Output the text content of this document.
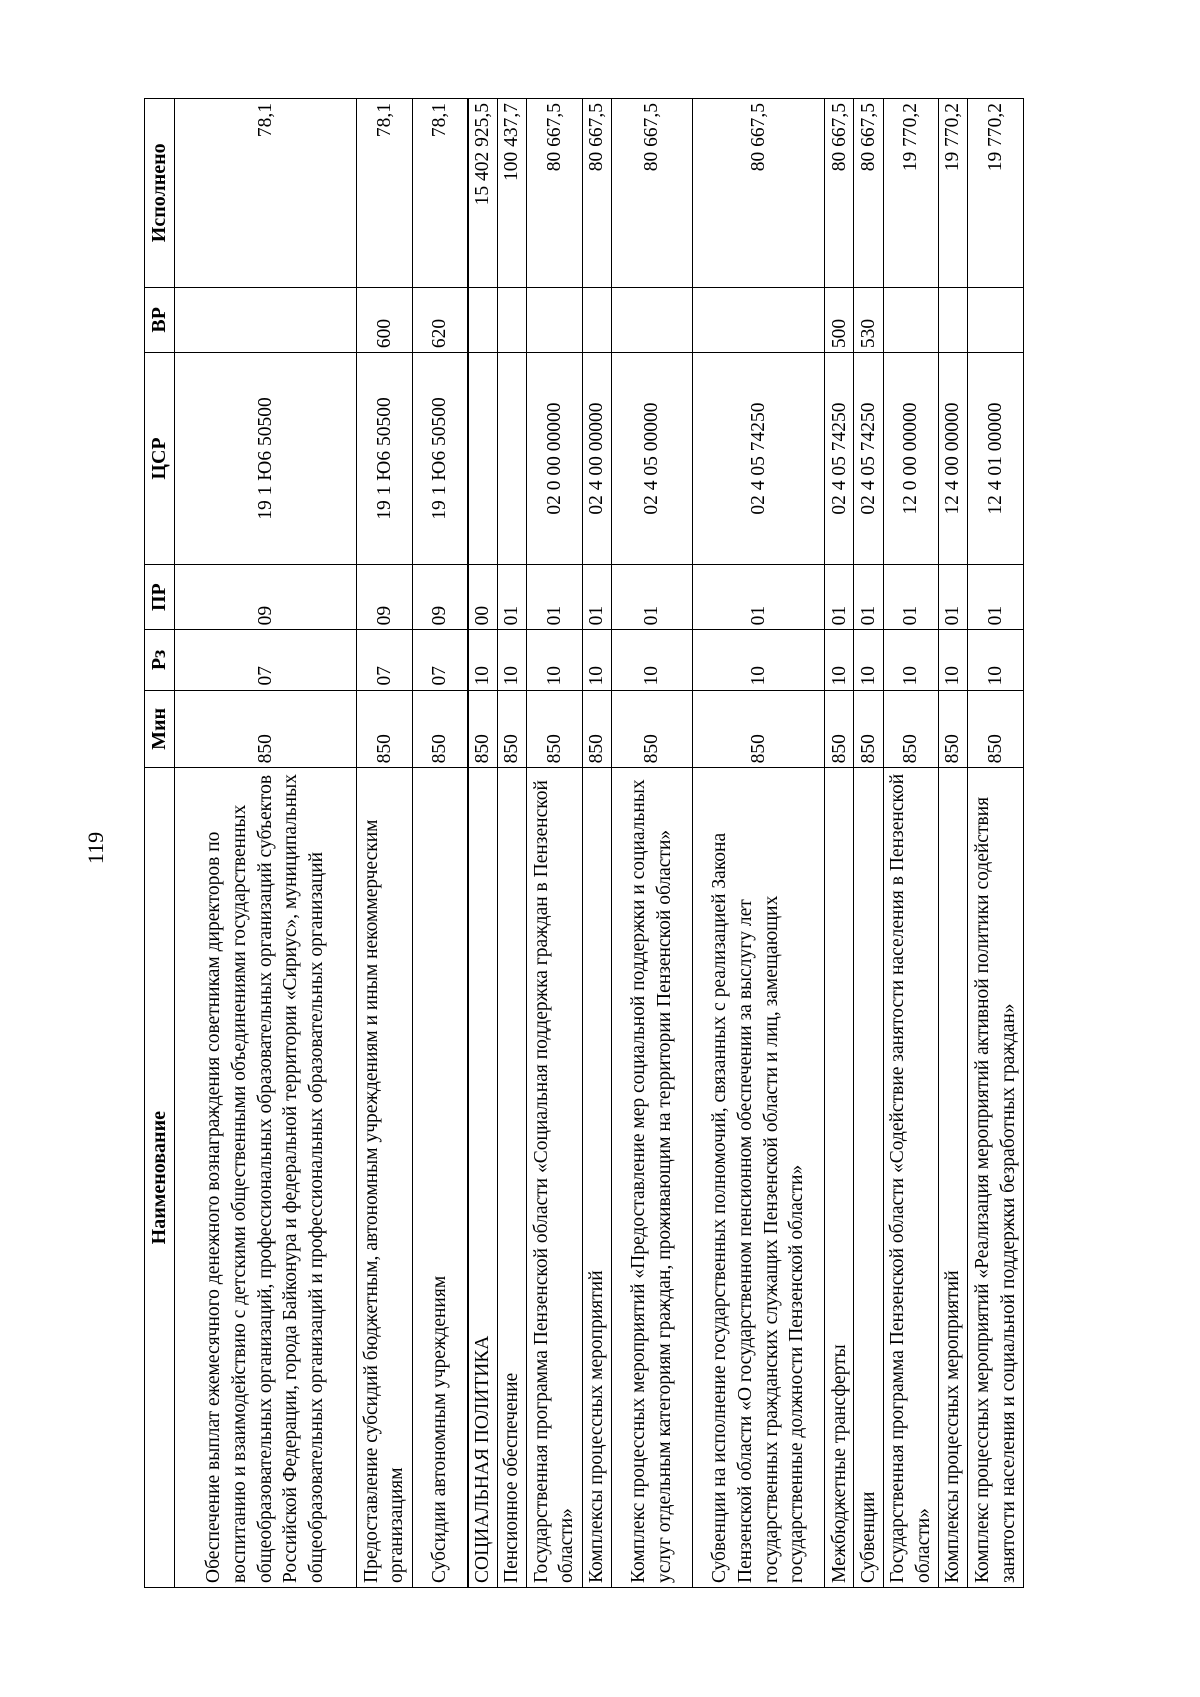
119
Наименование	Мин	Рз	ПР	ЦСР	ВР	Исполнено
Обеспечение выплат ежемесячного денежного вознаграждения советникам директоров по воспитанию и взаимодействию с детскими общественными объединениями государственных общеобразовательных организаций, профессиональных образовательных организаций субъектов Российской Федерации, города Байконура и федеральной территории «Сириус», муниципальных общеобразовательных организаций и профессиональных образовательных организаций	850	07	09	19 1 Ю6 50500		78,1
Предоставление субсидий бюджетным, автономным учреждениям и иным некоммерческим организациям	850	07	09	19 1 Ю6 50500	600	78,1
Субсидии автономным учреждениям	850	07	09	19 1 Ю6 50500	620	78,1
СОЦИАЛЬНАЯ ПОЛИТИКА	850	10	00			15 402 925,5
Пенсионное обеспечение	850	10	01			100 437,7
Государственная программа Пензенской области «Социальная поддержка граждан в Пензенской области»	850	10	01	02 0 00 00000		80 667,5
Комплексы процессных мероприятий	850	10	01	02 4 00 00000		80 667,5
Комплекс процессных мероприятий «Предоставление мер социальной поддержки и социальных услуг отдельным категориям граждан, проживающим на территории Пензенской области»	850	10	01	02 4 05 00000		80 667,5
Субвенции на исполнение государственных полномочий, связанных с реализацией Закона Пензенской области «О государственном пенсионном обеспечении за выслугу лет государственных гражданских служащих Пензенской области и лиц, замещающих государственные должности Пензенской области»	850	10	01	02 4 05 74250		80 667,5
Межбюджетные трансферты	850	10	01	02 4 05 74250	500	80 667,5
Субвенции	850	10	01	02 4 05 74250	530	80 667,5
Государственная программа Пензенской области «Содействие занятости населения в Пензенской области»	850	10	01	12 0 00 00000		19 770,2
Комплексы процессных мероприятий	850	10	01	12 4 00 00000		19 770,2
Комплекс процессных мероприятий «Реализация мероприятий активной политики содействия занятости населения и социальной поддержки безработных граждан»	850	10	01	12 4 01 00000		19 770,2
